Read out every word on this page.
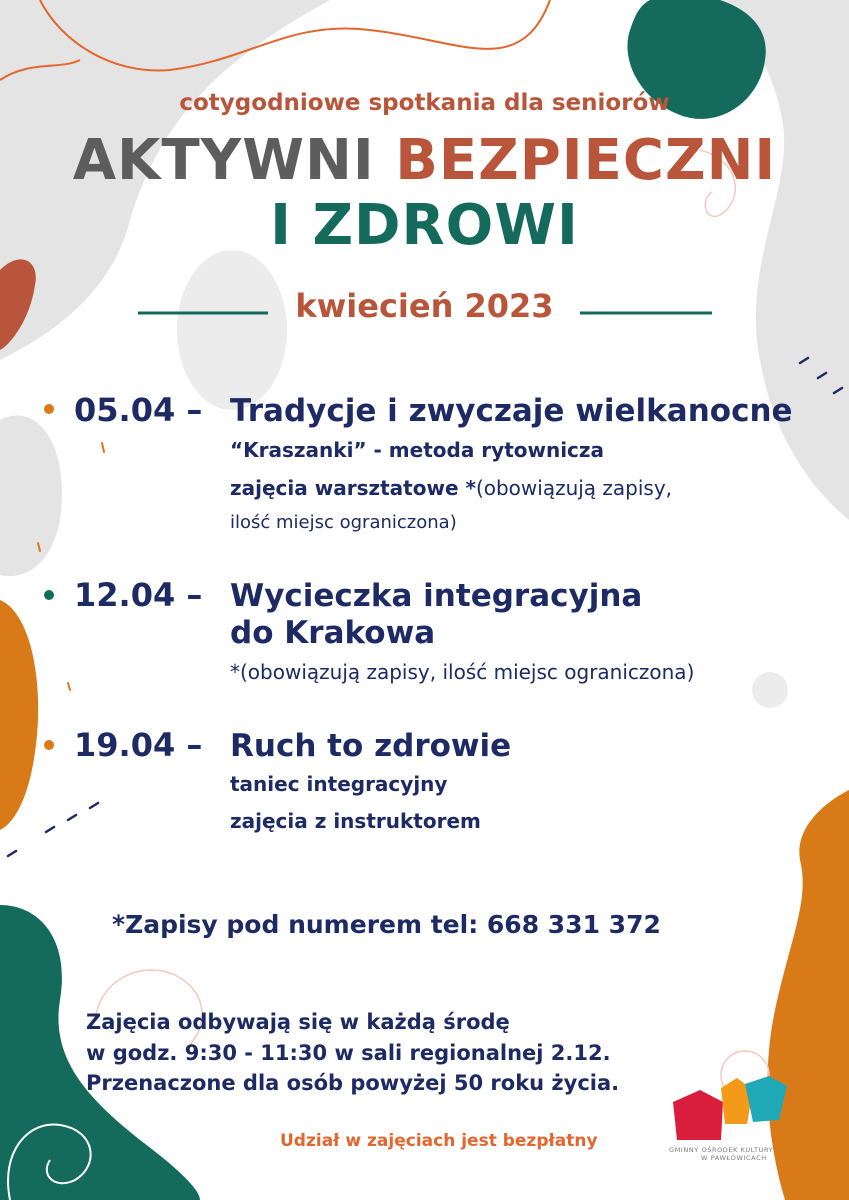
cotygodniowe spotkania dla seniorów
AKTYWNI BEZPIECZNI
I ZDROWI
kwiecień 2023
05.04 – Tradycje i zwyczaje wielkanocne
“Kraszanki” - metoda rytownicza
zajęcia warsztatowe *(obowiązują zapisy,
ilość miejsc ograniczona)
12.04 – Wycieczka integracyjna
do Krakowa
*(obowiązują zapisy, ilość miejsc ograniczona)
19.04 – Ruch to zdrowie
taniec integracyjny
zajęcia z instruktorem
*Zapisy pod numerem tel: 668 331 372
Zajęcia odbywają się w każdą środę
w godz. 9:30 - 11:30 w sali regionalnej 2.12.
Przenaczone dla osób powyżej 50 roku życia.
Udział w zajęciach jest bezpłatny	GMINNY OŚRODEK KULTURY
W PAWŁOWICACH
